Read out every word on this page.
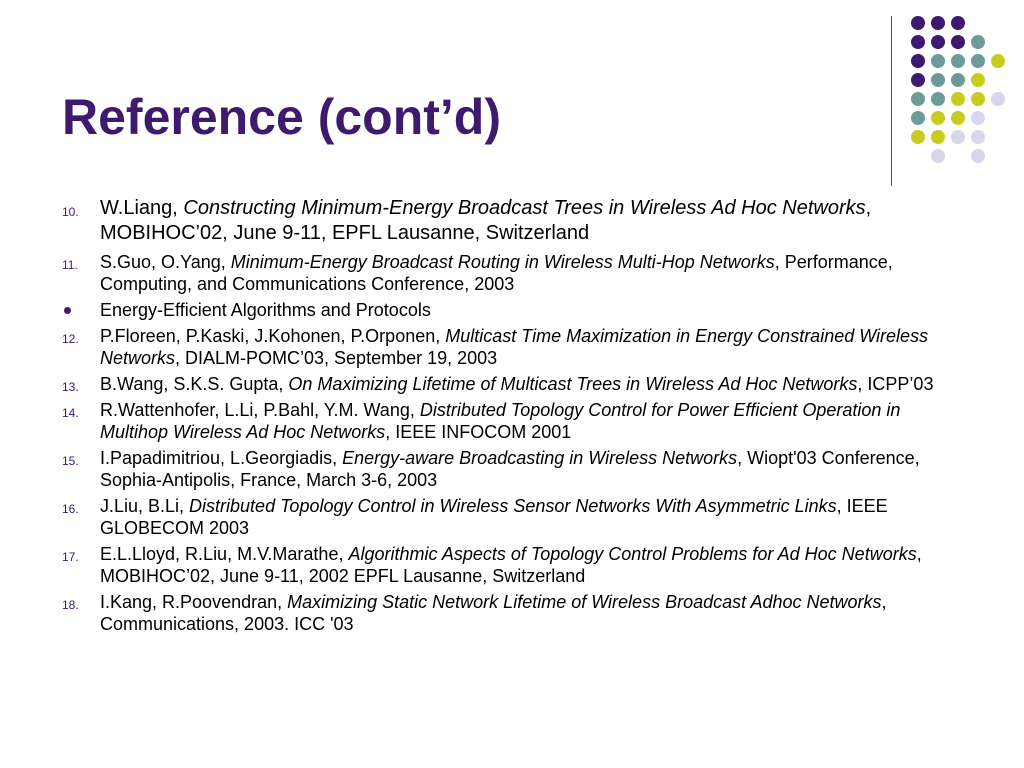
Reference (cont’d)
10. W.Liang, Constructing Minimum-Energy Broadcast Trees in Wireless Ad Hoc Networks, MOBIHOC’02, June 9-11, EPFL Lausanne, Switzerland
11. S.Guo, O.Yang, Minimum-Energy Broadcast Routing in Wireless Multi-Hop Networks, Performance, Computing, and Communications Conference, 2003
Energy-Efficient Algorithms and Protocols
12. P.Floreen, P.Kaski, J.Kohonen, P.Orponen, Multicast Time Maximization in Energy Constrained Wireless Networks, DIALM-POMC’03, September 19, 2003
13. B.Wang, S.K.S. Gupta, On Maximizing Lifetime of Multicast Trees in Wireless Ad Hoc Networks, ICPP’03
14. R.Wattenhofer, L.Li, P.Bahl, Y.M. Wang, Distributed Topology Control for Power Efficient Operation in Multihop Wireless Ad Hoc Networks, IEEE INFOCOM 2001
15. I.Papadimitriou, L.Georgiadis, Energy-aware Broadcasting in Wireless Networks, Wiopt'03 Conference, Sophia-Antipolis, France, March 3-6, 2003
16. J.Liu, B.Li, Distributed Topology Control in Wireless Sensor Networks With Asymmetric Links, IEEE GLOBECOM 2003
17. E.L.Lloyd, R.Liu, M.V.Marathe, Algorithmic Aspects of Topology Control Problems for Ad Hoc Networks, MOBIHOC’02, June 9-11, 2002 EPFL Lausanne, Switzerland
18. I.Kang, R.Poovendran, Maximizing Static Network Lifetime of Wireless Broadcast Adhoc Networks, Communications, 2003. ICC '03
